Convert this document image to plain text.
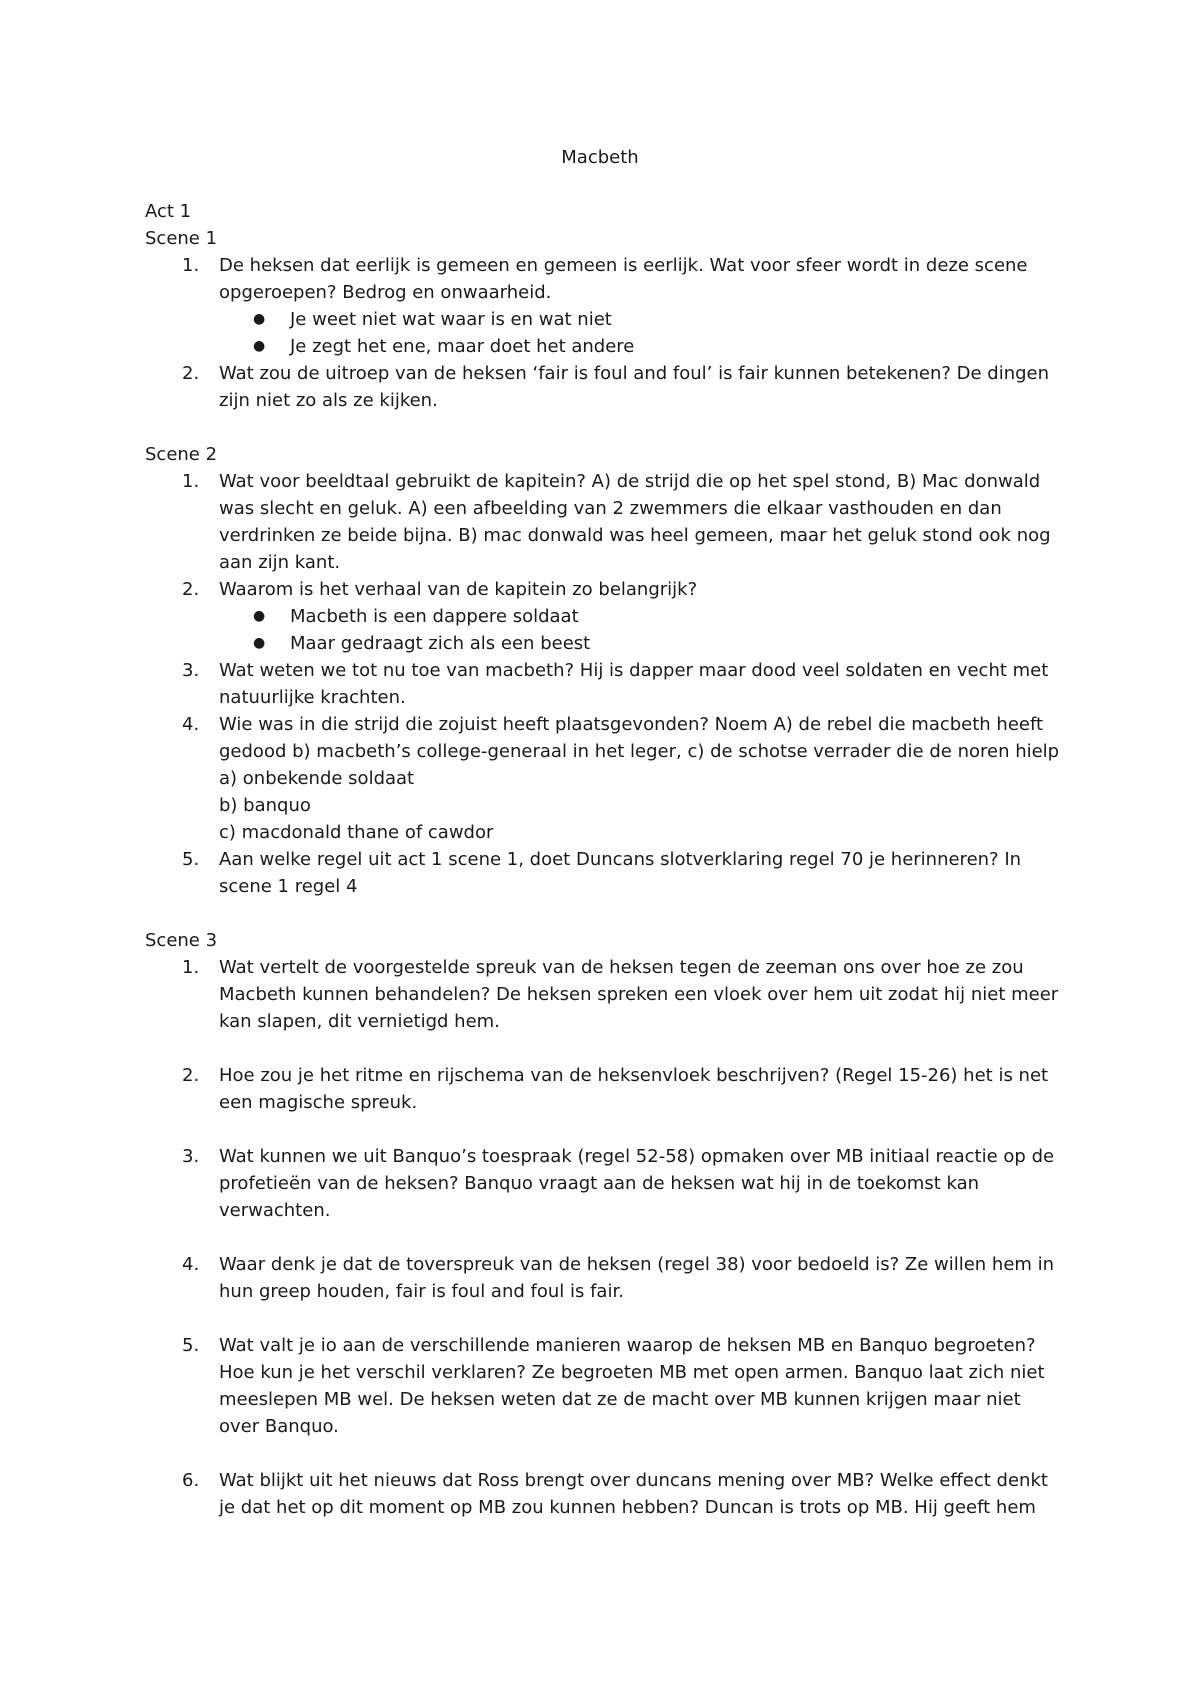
Macbeth
Act 1
Scene 1
1. De heksen dat eerlijk is gemeen en gemeen is eerlijk. Wat voor sfeer wordt in deze scene opgeroepen? Bedrog en onwaarheid.
● Je weet niet wat waar is en wat niet
● Je zegt het ene, maar doet het andere
2. Wat zou de uitroep van de heksen ‘fair is foul and foul’ is fair kunnen betekenen? De dingen zijn niet zo als ze kijken.
Scene 2
1. Wat voor beeldtaal gebruikt de kapitein? A) de strijd die op het spel stond, B) Mac donwald was slecht en geluk. A) een afbeelding van 2 zwemmers die elkaar vasthouden en dan verdrinken ze beide bijna. B) mac donwald was heel gemeen, maar het geluk stond ook nog aan zijn kant.
2. Waarom is het verhaal van de kapitein zo belangrijk?
● Macbeth is een dappere soldaat
● Maar gedraagt zich als een beest
3. Wat weten we tot nu toe van macbeth? Hij is dapper maar dood veel soldaten en vecht met natuurlijke krachten.
4. Wie was in die strijd die zojuist heeft plaatsgevonden? Noem A) de rebel die macbeth heeft gedood b) macbeth’s college-generaal in het leger, c) de schotse verrader die de noren hielp
a) onbekende soldaat
b) banquo
c) macdonald thane of cawdor
5. Aan welke regel uit act 1 scene 1, doet Duncans slotverklaring regel 70 je herinneren? In scene 1 regel 4
Scene 3
1. Wat vertelt de voorgestelde spreuk van de heksen tegen de zeeman ons over hoe ze zou Macbeth kunnen behandelen? De heksen spreken een vloek over hem uit zodat hij niet meer kan slapen, dit vernietigd hem.
2. Hoe zou je het ritme en rijschema van de heksenvloek beschrijven? (Regel 15-26) het is net een magische spreuk.
3. Wat kunnen we uit Banquo’s toespraak (regel 52-58) opmaken over MB initiaal reactie op de profetieën van de heksen? Banquo vraagt aan de heksen wat hij in de toekomst kan verwachten.
4. Waar denk je dat de toverspreuk van de heksen (regel 38) voor bedoeld is? Ze willen hem in hun greep houden, fair is foul and foul is fair.
5. Wat valt je io aan de verschillende manieren waarop de heksen MB en Banquo begroeten? Hoe kun je het verschil verklaren? Ze begroeten MB met open armen. Banquo laat zich niet meeslepen MB wel. De heksen weten dat ze de macht over MB kunnen krijgen maar niet over Banquo.
6. Wat blijkt uit het nieuws dat Ross brengt over duncans mening over MB? Welke effect denkt je dat het op dit moment op MB zou kunnen hebben? Duncan is trots op MB. Hij geeft hem
